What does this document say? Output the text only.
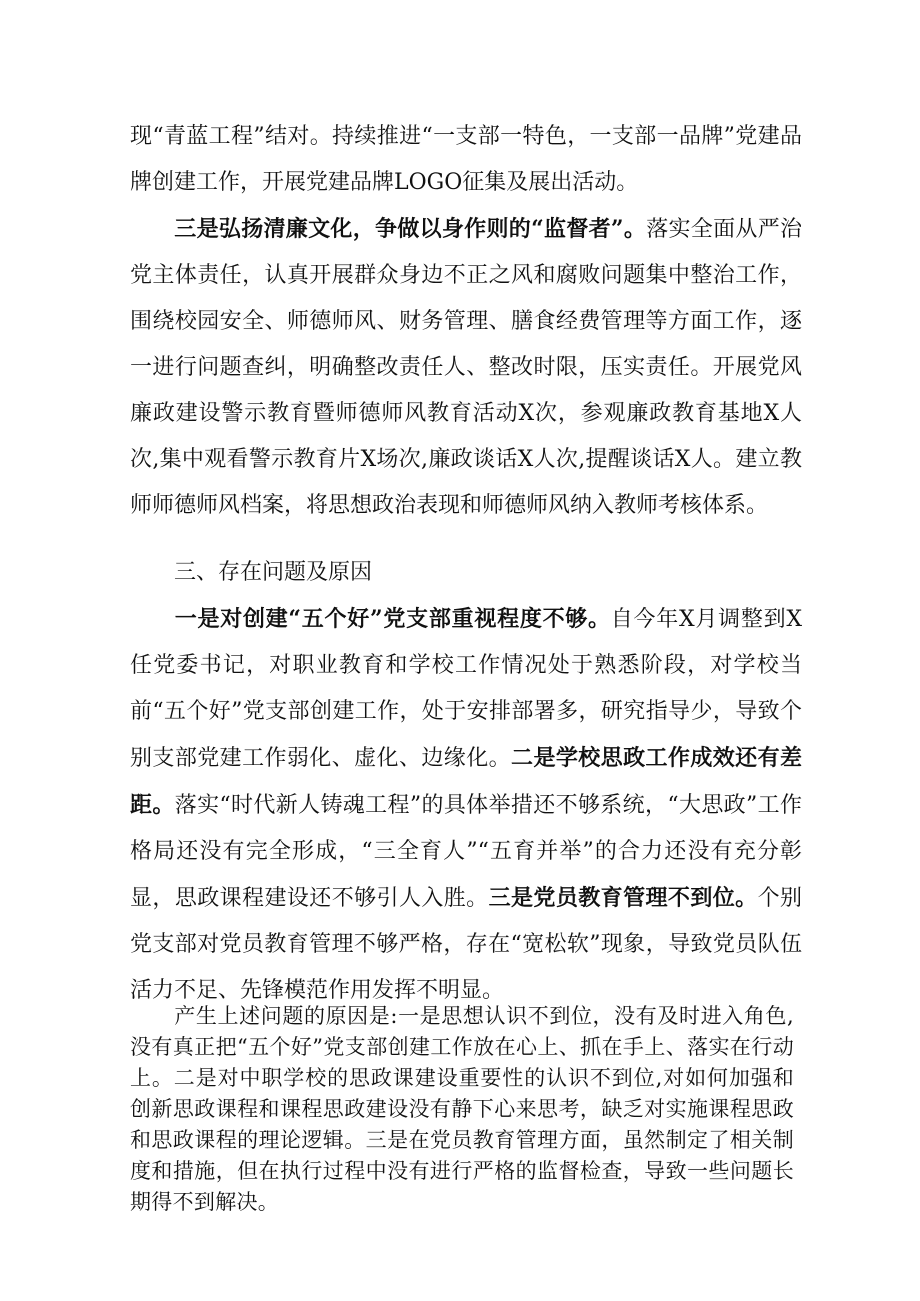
现“青蓝工程”结对。持续推进“一支部一特色，一支部一品牌”党建品牌创建工作，开展党建品牌LOGO征集及展出活动。

三是弘扬清廉文化，争做以身作则的“监督者”。落实全面从严治党主体责任，认真开展群众身边不正之风和腐败问题集中整治工作，围绕校园安全、师德师风、财务管理、膳食经费管理等方面工作，逐一进行问题查纠，明确整改责任人、整改时限，压实责任。开展党风廉政建设警示教育暨师德师风教育活动X次，参观廉政教育基地X人次,集中观看警示教育片X场次,廉政谈话X人次,提醒谈话X人。建立教师师德师风档案，将思想政治表现和师德师风纳入教师考核体系。

三、存在问题及原因

一是对创建“五个好”党支部重视程度不够。自今年X月调整到X任党委书记，对职业教育和学校工作情况处于熟悉阶段，对学校当前“五个好”党支部创建工作，处于安排部署多，研究指导少，导致个别支部党建工作弱化、虚化、边缘化。二是学校思政工作成效还有差距。落实“时代新人铸魂工程”的具体举措还不够系统，“大思政”工作格局还没有完全形成，“三全育人”“五育并举”的合力还没有充分彰显，思政课程建设还不够引人入胜。三是党员教育管理不到位。个别党支部对党员教育管理不够严格，存在“宽松软”现象，导致党员队伍活力不足、先锋模范作用发挥不明显。

产生上述问题的原因是:一是思想认识不到位，没有及时进入角色,没有真正把“五个好”党支部创建工作放在心上、抓在手上、落实在行动上。二是对中职学校的思政课建设重要性的认识不到位,对如何加强和创新思政课程和课程思政建设没有静下心来思考，缺乏对实施课程思政和思政课程的理论逻辑。三是在党员教育管理方面，虽然制定了相关制度和措施，但在执行过程中没有进行严格的监督检查，导致一些问题长期得不到解决。
